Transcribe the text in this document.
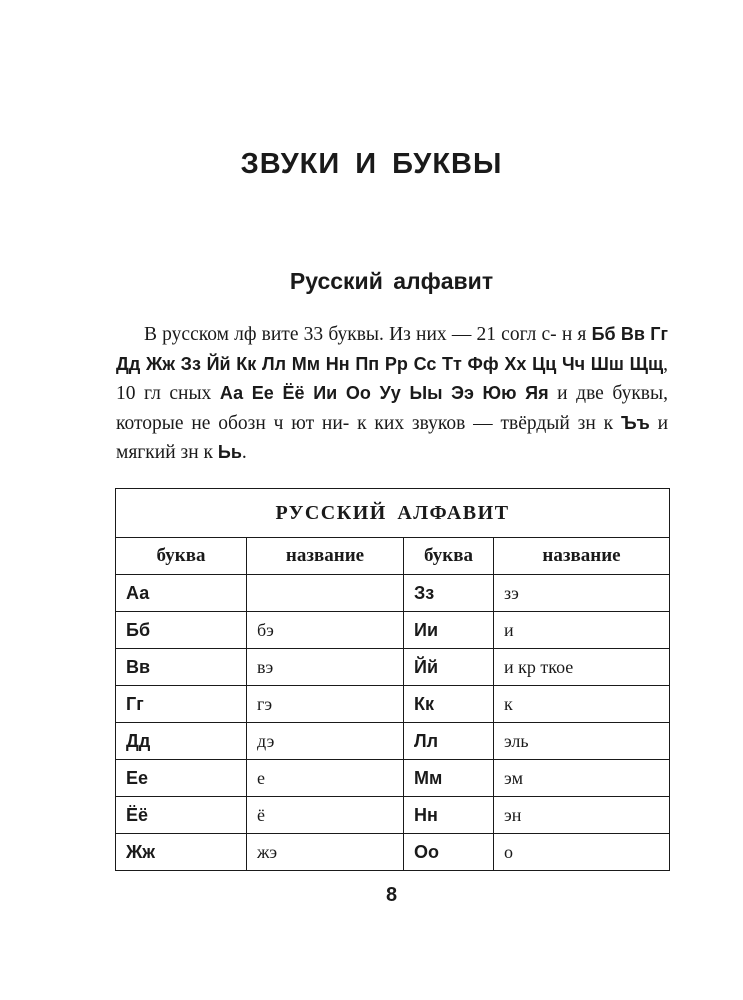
ЗВУКИ И БУКВЫ
Русский алфавит

В русском лф вите 33 буквы. Из них — 21 согл с- н я Бб Вв Гг Дд Жж Зз Йй Кк Лл Мм Нн Пп Рр Сс Тт Фф Хх Цц Чч Шш Щщ, 10 гл сных Аа Ее Ёё Ии Оо Уу Ыы Ээ Юю Яя и две буквы, которые не обозн ч ют ни- к ких звуков — твёрдый зн к Ъъ и мягкий зн к Ьь.

РУССКИЙ АЛФАВИТ			
буква	название	буква	название
Аа		Зз	зэ
Бб	бэ	Ии	и
Вв	вэ	Йй	и кр ткое
Гг	гэ	Кк	к
Дд	дэ	Лл	эль
Ее	е	Мм	эм
Ёё	ё	Нн	эн
Жж	жэ	Оо	о
8
